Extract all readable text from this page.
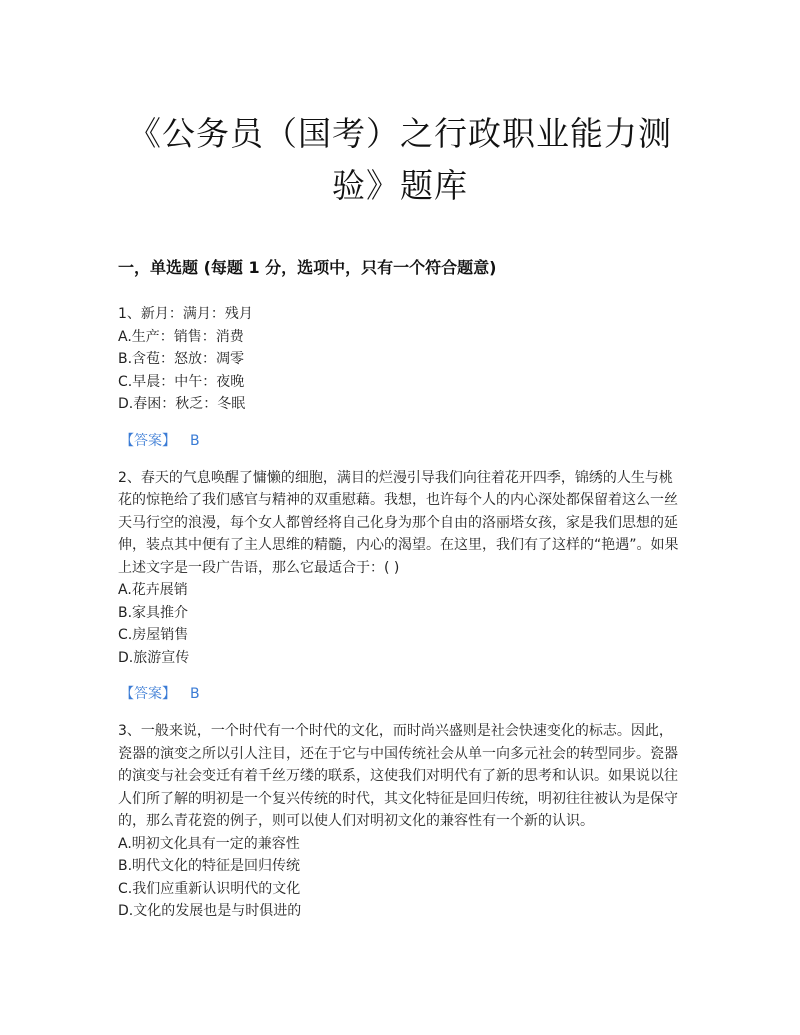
《公务员（国考）之行政职业能力测
验》题库
一，单选题 (每题 1 分，选项中，只有一个符合题意)

1、新月：满月：残月

A.生产：销售：消费
B.含苞：怒放：凋零
C.早晨：中午：夜晚
D.春困：秋乏：冬眠
【答案】 B

2、春天的气息唤醒了慵懒的细胞，满目的烂漫引导我们向往着花开四季，锦绣的人生与桃花的惊艳给了我们感官与精神的双重慰藉。我想，也许每个人的内心深处都保留着这么一丝天马行空的浪漫，每个女人都曾经将自己化身为那个自由的洛丽塔女孩，家是我们思想的延伸，装点其中便有了主人思维的精髓，内心的渴望。在这里，我们有了这样的“艳遇”。如果上述文字是一段广告语，那么它最适合于：( )

A.花卉展销
B.家具推介
C.房屋销售
D.旅游宣传
【答案】 B

3、一般来说，一个时代有一个时代的文化，而时尚兴盛则是社会快速变化的标志。因此，瓷器的演变之所以引人注目，还在于它与中国传统社会从单一向多元社会的转型同步。瓷器的演变与社会变迁有着千丝万缕的联系，这使我们对明代有了新的思考和认识。如果说以往人们所了解的明初是一个复兴传统的时代，其文化特征是回归传统，明初往往被认为是保守的，那么青花瓷的例子，则可以使人们对明初文化的兼容性有一个新的认识。

A.明初文化具有一定的兼容性
B.明代文化的特征是回归传统
C.我们应重新认识明代的文化
D.文化的发展也是与时俱进的
